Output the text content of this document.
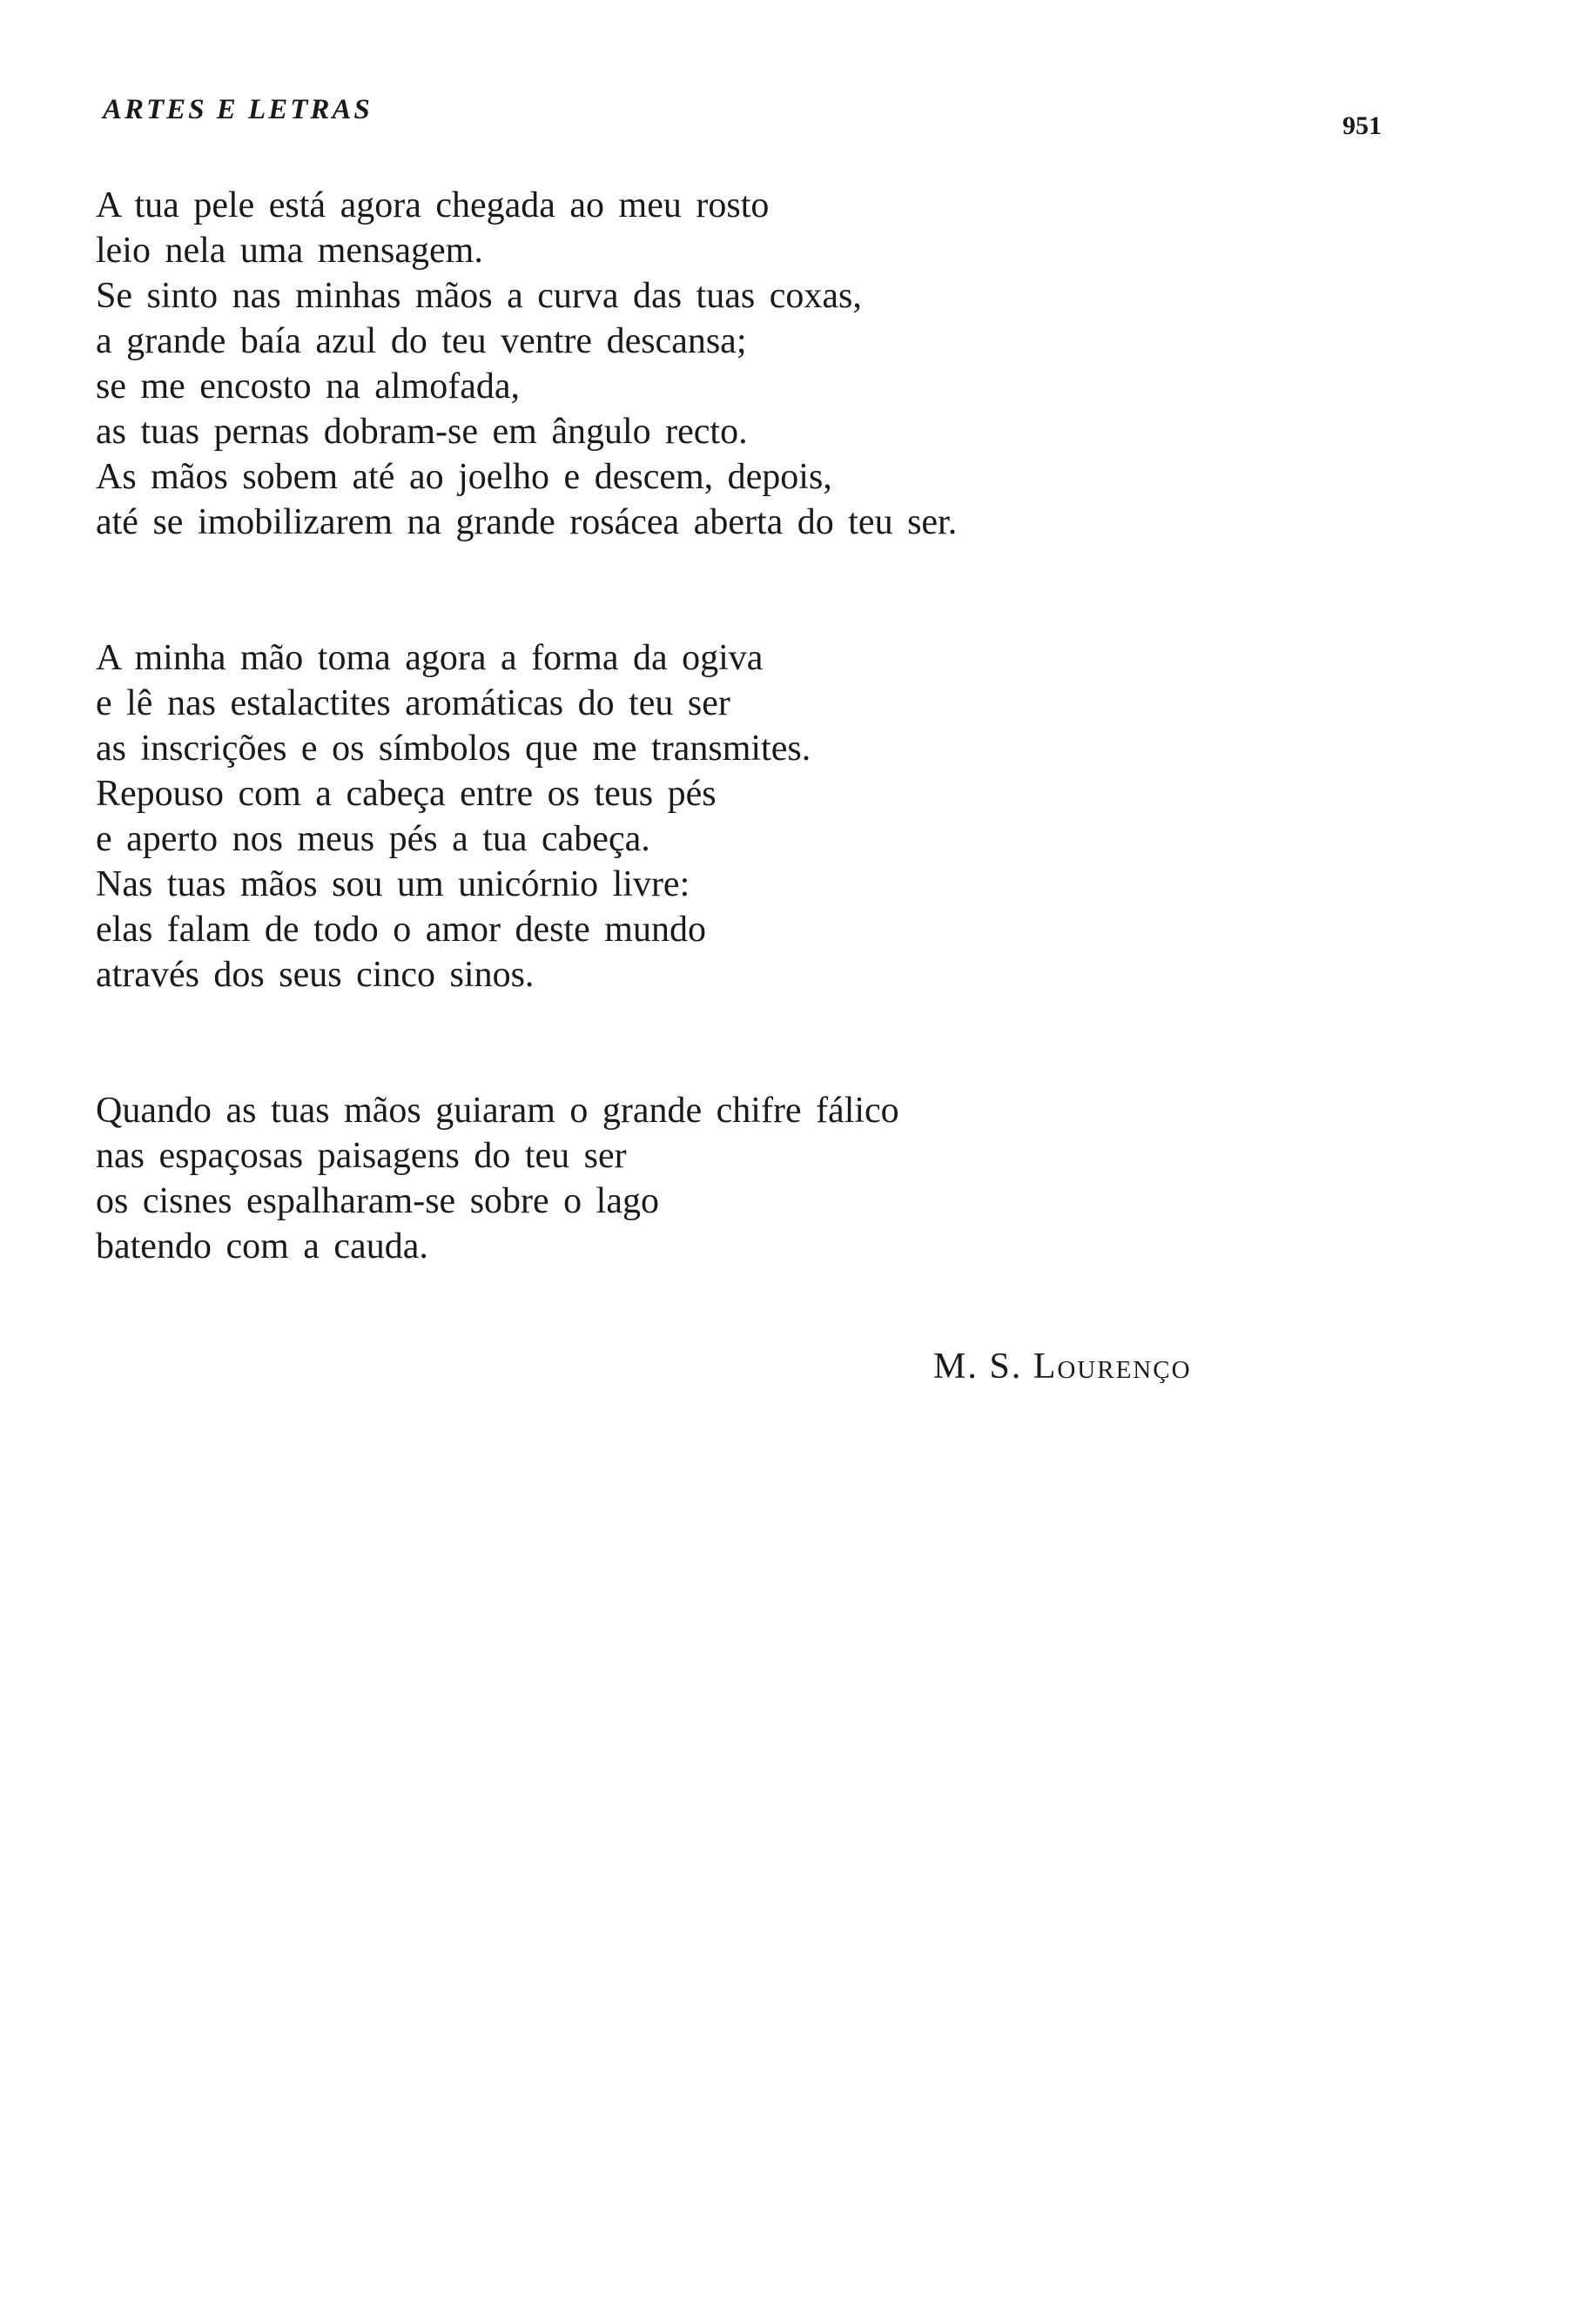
ARTES E LETRAS
951
A tua pele está agora chegada ao meu rosto
leio nela uma mensagem.
Se sinto nas minhas mãos a curva das tuas coxas,
a grande baía azul do teu ventre descansa;
se me encosto na almofada,
as tuas pernas dobram-se em ângulo recto.
As mãos sobem até ao joelho e descem, depois,
até se imobilizarem na grande rosácea aberta do teu ser.
A minha mão toma agora a forma da ogiva
e lê nas estalactites aromáticas do teu ser
as inscrições e os símbolos que me transmites.
Repouso com a cabeça entre os teus pés
e aperto nos meus pés a tua cabeça.
Nas tuas mãos sou um unicórnio livre:
elas falam de todo o amor deste mundo
através dos seus cinco sinos.
Quando as tuas mãos guiaram o grande chifre fálico
nas espaçosas paisagens do teu ser
os cisnes espalharam-se sobre o lago
batendo com a cauda.
M. S. Lourenço
